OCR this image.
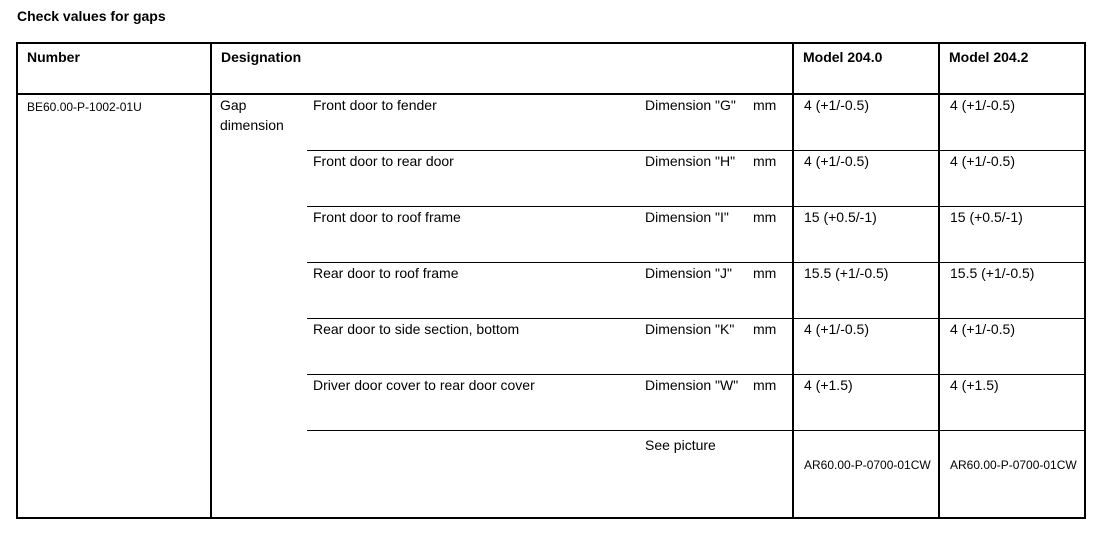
Check values for gaps
Number	Designation				Model 204.0	Model 204.2
BE60.00-P-1002-01U	Gap dimension	Front door to fender	Dimension "G"	mm	4 (+1/-0.5)	4 (+1/-0.5)
		Front door to rear door	Dimension "H"	mm	4 (+1/-0.5)	4 (+1/-0.5)
		Front door to roof frame	Dimension "I"	mm	15 (+0.5/-1)	15 (+0.5/-1)
		Rear door to roof frame	Dimension "J"	mm	15.5 (+1/-0.5)	15.5 (+1/-0.5)
		Rear door to side section, bottom	Dimension "K"	mm	4 (+1/-0.5)	4 (+1/-0.5)
		Driver door cover to rear door cover	Dimension "W"	mm	4 (+1.5)	4 (+1.5)
			See picture		AR60.00-P-0700-01CW	AR60.00-P-0700-01CW
